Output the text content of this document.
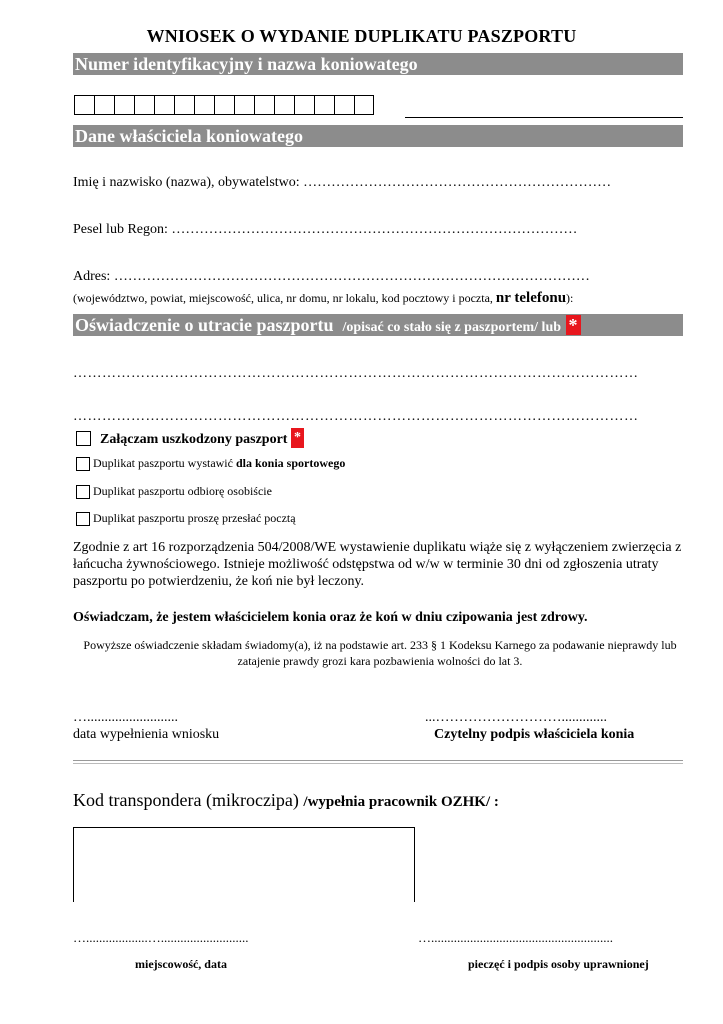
WNIOSEK O WYDANIE DUPLIKATU PASZPORTU
Numer identyfikacyjny i nazwa koniowatego
Dane właściciela koniowatego
Imię i nazwisko (nazwa), obywatelstwo: …………………………………………………………
Pesel lub Regon: ……………………………………………………………………………
Adres: …………………………………………………………………………………………
(województwo, powiat, miejscowość, ulica, nr domu, nr lokalu, kod pocztowy i poczta, nr telefonu):
Oświadczenie o utracie paszportu /opisać co stało się z paszportem/ lub *
………………………………………………………………………………………………………
………………………………………………………………………………………………………
Załączam uszkodzony paszport
*
Duplikat paszportu wystawić
dla konia sportowego
Duplikat paszportu odbiorę osobiście
Duplikat paszportu proszę przesłać pocztą
Zgodnie z art 16 rozporządzenia 504/2008/WE wystawienie duplikatu wiąże się z wyłączeniem zwierzęcia z łańcucha żywnościowego. Istnieje możliwość odstępstwa od w/w w terminie 30 dni od zgłoszenia utraty paszportu po potwierdzeniu, że koń nie był leczony.
Oświadczam, że jestem właścicielem konia oraz że koń w dniu czipowania jest zdrowy.
Powyższe oświadczenie składam świadomy(a), iż na podstawie art. 233 § 1 Kodeksu Karnego za podawanie nieprawdy lub zatajenie prawdy grozi kara pozbawienia wolności do lat 3.
…..........................
data wypełnienia wniosku
...……………………….............
Czytelny podpis właściciela konia
Kod transpondera (mikroczipa) /wypełnia pracownik OZHK/ :
…...................…...........................
miejscowość, data
…........................................................
pieczęć i podpis osoby uprawnionej
